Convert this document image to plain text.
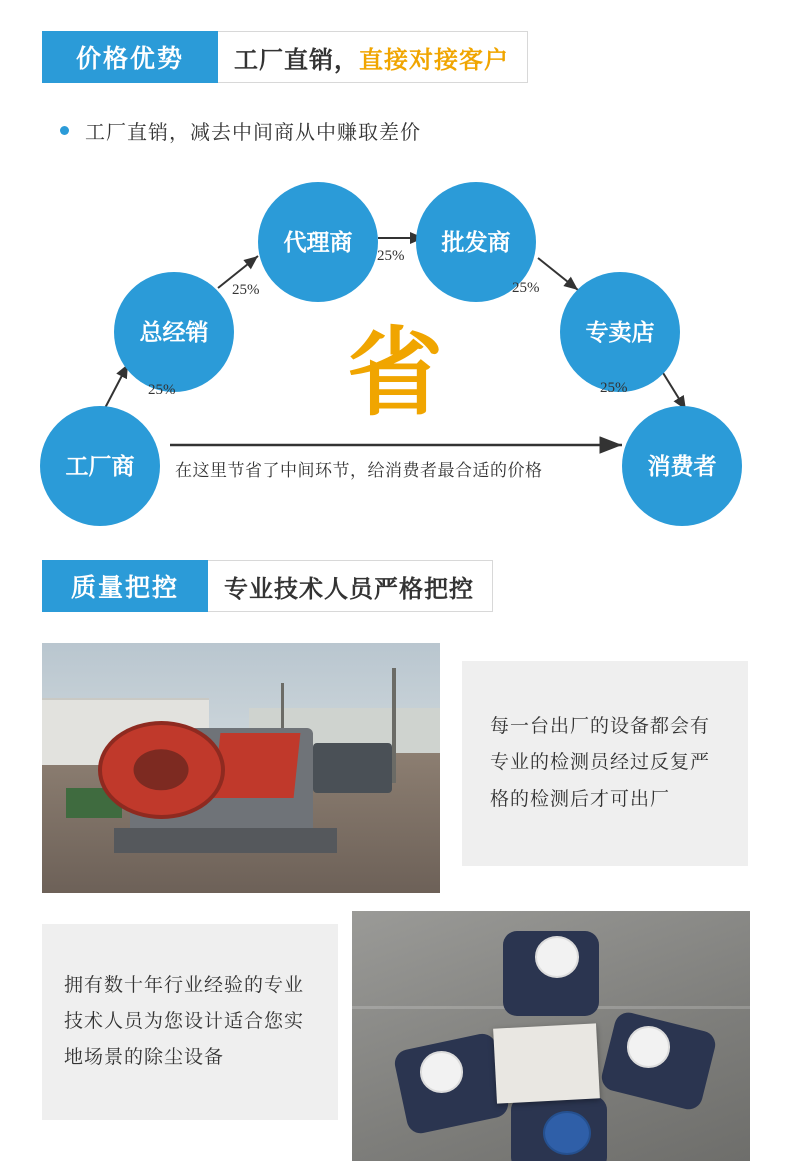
价格优势	工厂直销， 直接对接客户
工厂直销，减去中间商从中赚取差价
工厂商
总经销
代理商	批发商
专卖店
消费者
25%
25%
25%
25%
25%
省
在这里节省了中间环节，给消费者最合适的价格
质量把控	专业技术人员严格把控

每一台出厂的设备都会有专业的检测员经过反复严格的检测后才可出厂

拥有数十年行业经验的专业技术人员为您设计适合您实地场景的除尘设备
